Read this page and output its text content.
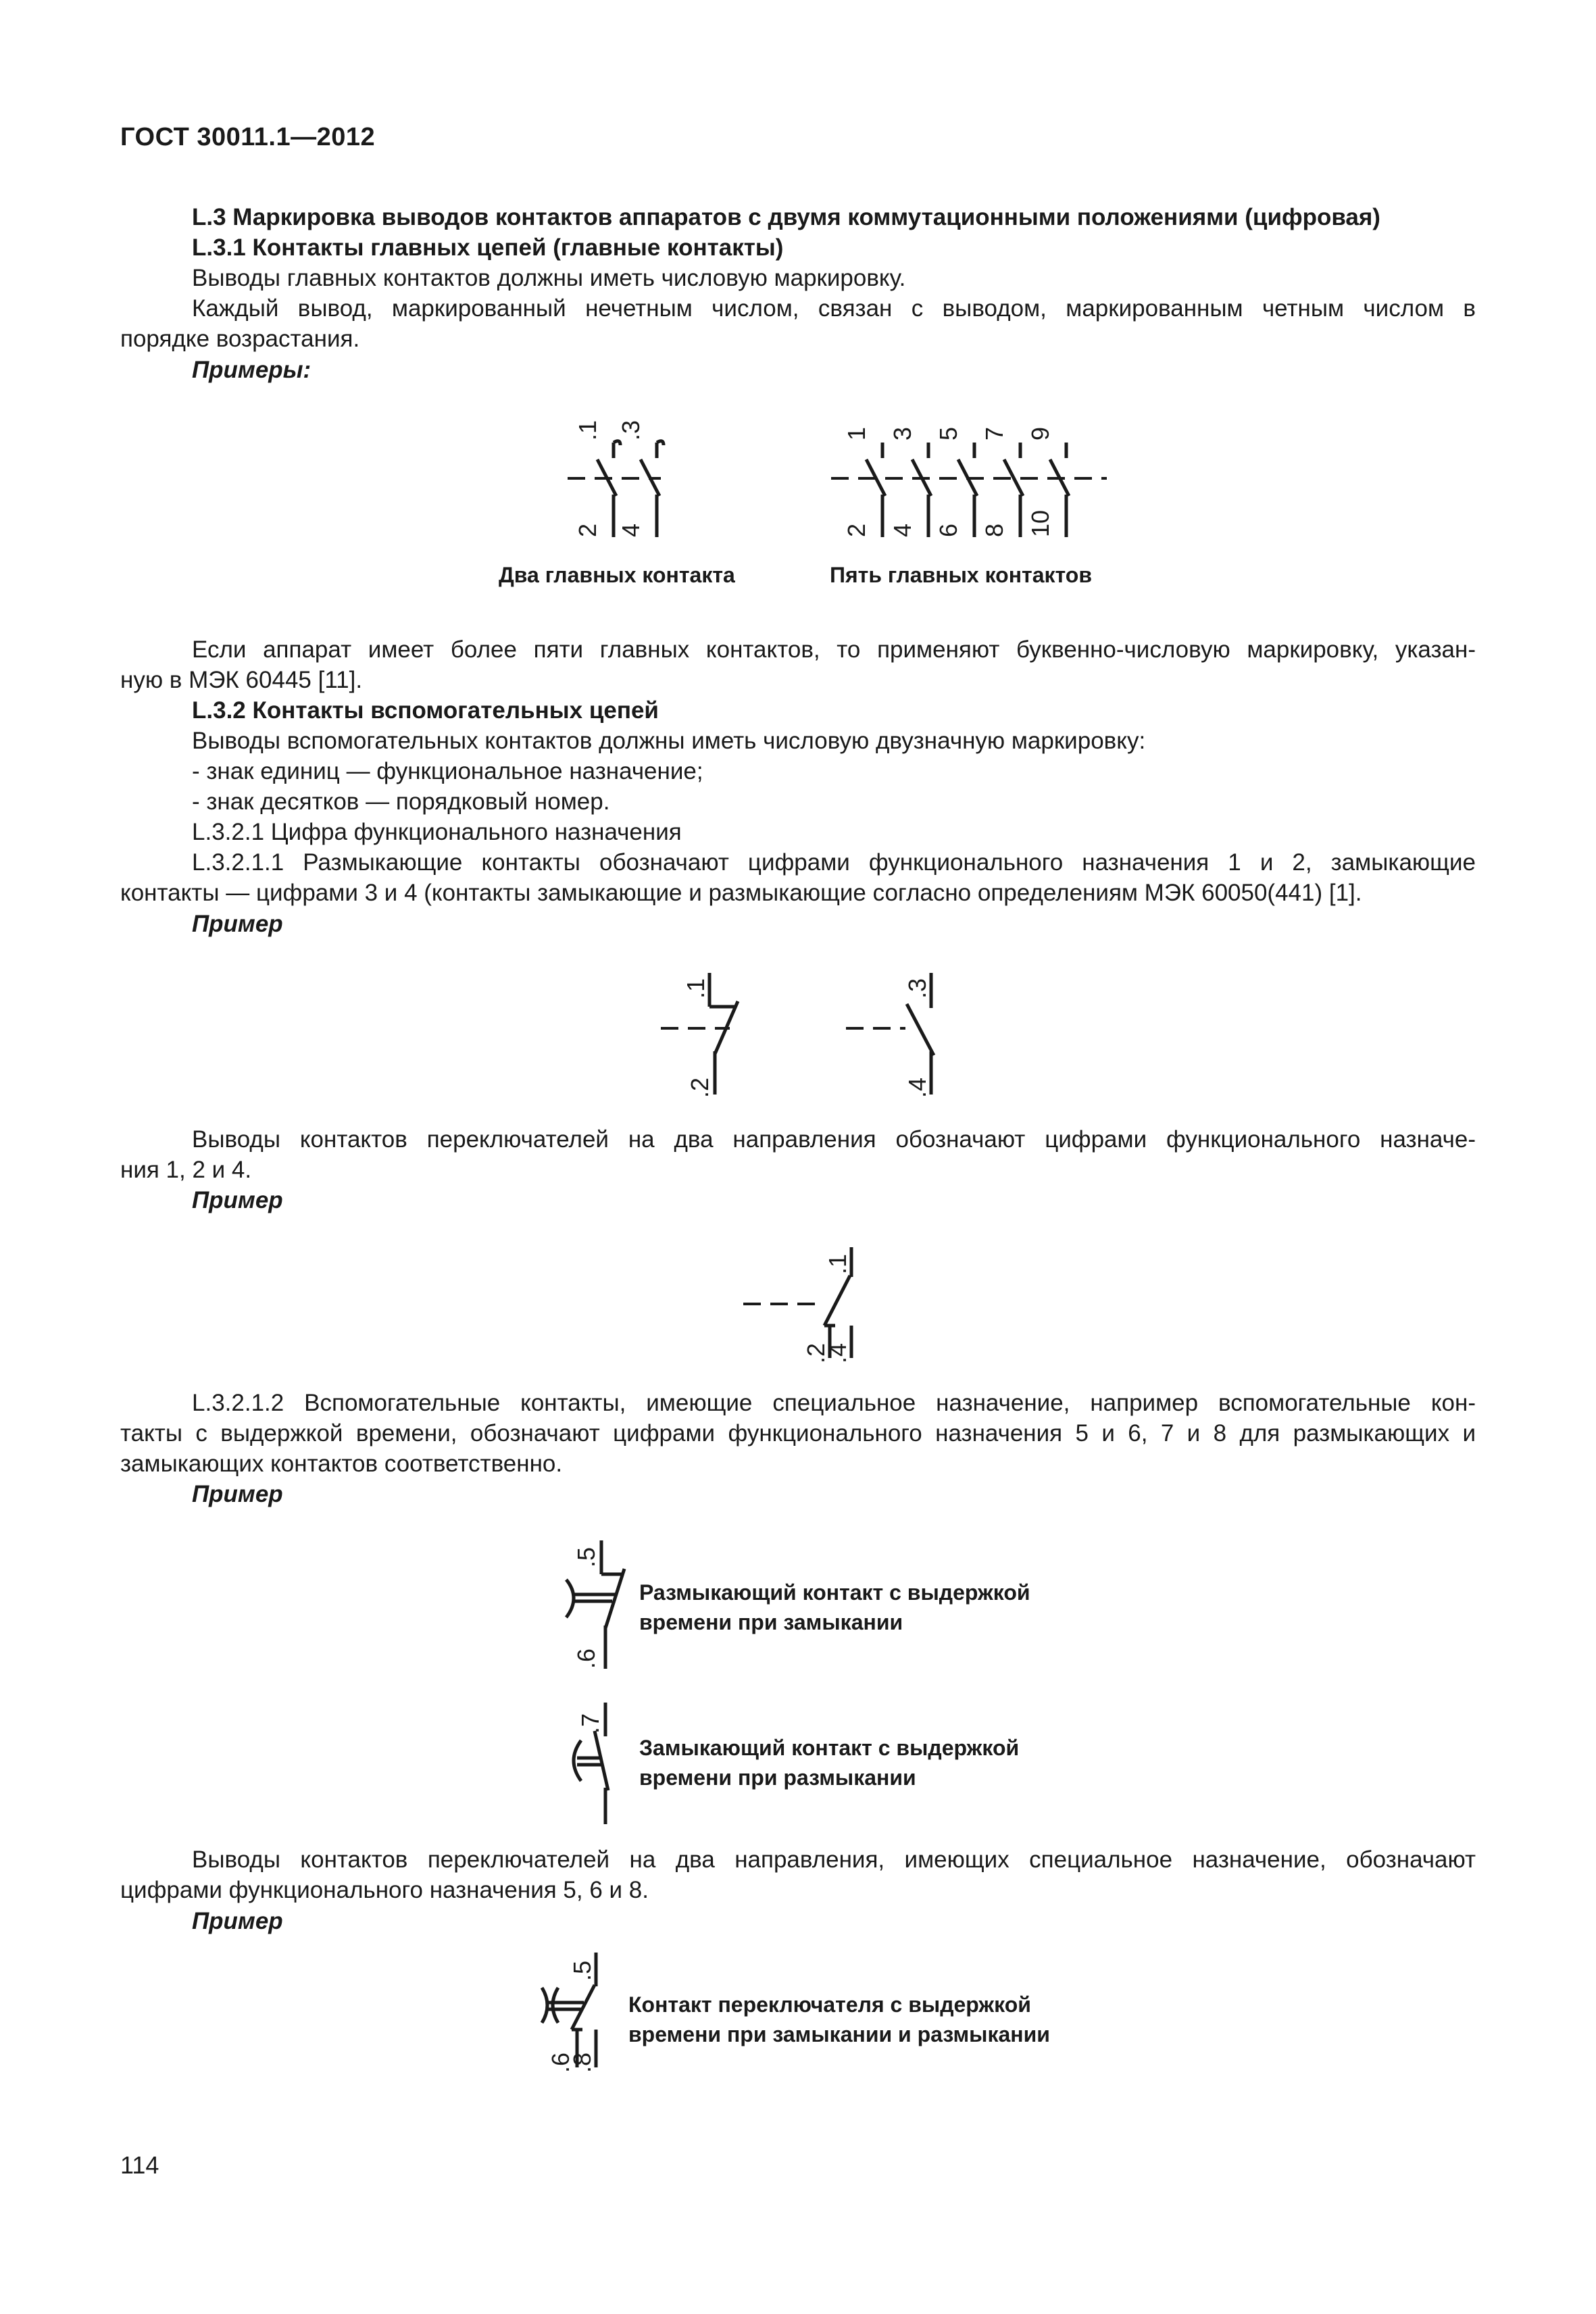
ГОСТ 30011.1—2012
L.3 Маркировка выводов контактов аппаратов с двумя коммутационными положениями (цифровая)
L.3.1 Контакты главных цепей (главные контакты)
Выводы главных контактов должны иметь числовую маркировку.
Каждый вывод, маркированный нечетным числом, связан с выводом, маркированным четным числом в
порядке возрастания.
Примеры:
.1 .3
2 4
Два главных контакта
1 3 5 7 9
2 4 6 8 10
Пять главных контактов
Если аппарат имеет более пяти главных контактов, то применяют буквенно-числовую маркировку, указан-
ную в МЭК 60445 [11].
L.3.2 Контакты вспомогательных цепей
Выводы вспомогательных контактов должны иметь числовую двузначную маркировку:
- знак единиц — функциональное назначение;
- знак десятков — порядковый номер.
L.3.2.1 Цифра функционального назначения
L.3.2.1.1 Размыкающие контакты обозначают цифрами функционального назначения 1 и 2, замыкающие
контакты — цифрами 3 и 4 (контакты замыкающие и размыкающие согласно определениям МЭК 60050(441) [1].
Пример
.1
.2
.3
.4
Выводы контактов переключателей на два направления обозначают цифрами функционального назначе-
ния 1, 2 и 4.
Пример
.1
.2
.4
L.3.2.1.2 Вспомогательные контакты, имеющие специальное назначение, например вспомогательные кон-
такты с выдержкой времени, обозначают цифрами функционального назначения 5 и 6, 7 и 8 для размыкающих и
замыкающих контактов соответственно.
Пример
.5
.6
Размыкающий контакт с выдержкой
времени при замыкании
.7
Замыкающий контакт с выдержкой
времени при размыкании
Выводы контактов переключателей на два направления, имеющих специальное назначение, обозначают
цифрами функционального назначения 5, 6 и 8.
Пример
.5
.6
.8
Контакт переключателя с выдержкой
времени при замыкании и размыкании
114
